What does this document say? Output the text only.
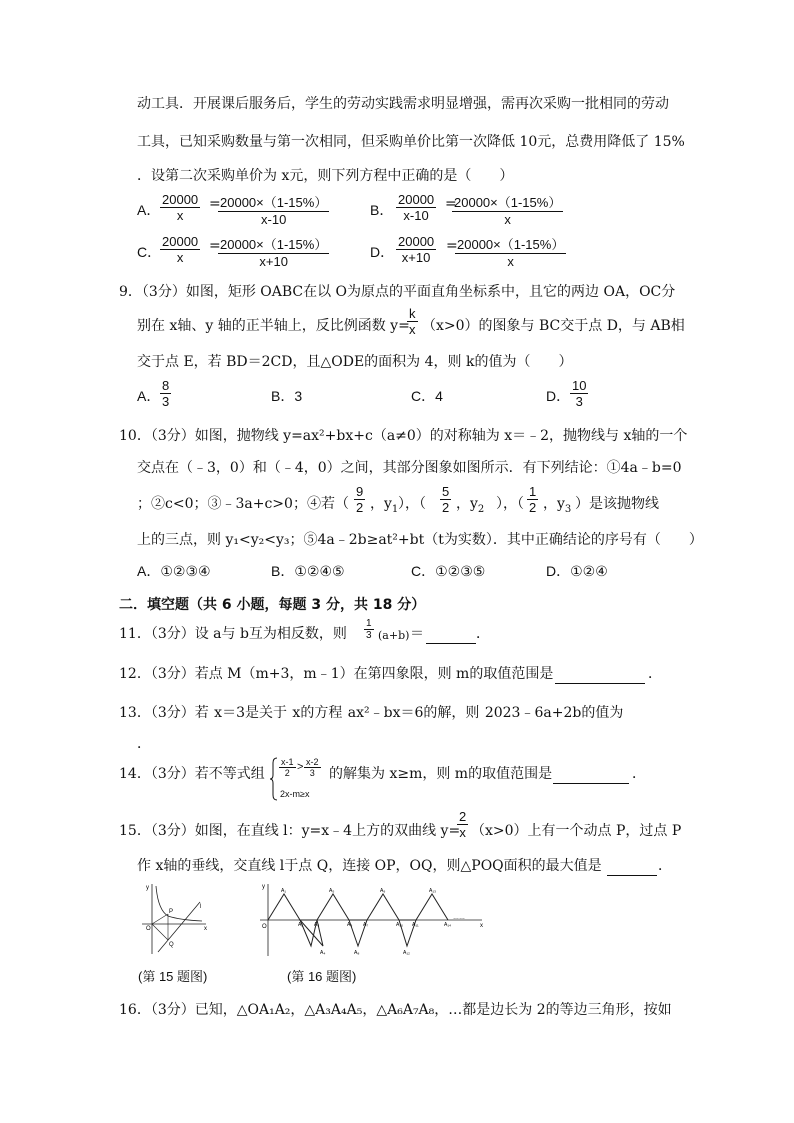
动工具．开展课后服务后，学生的劳动实践需求明显增强，需再次采购一批相同的劳动
工具，已知采购数量与第一次相同，但采购单价比第一次降低 10元，总费用降低了 15%
．设第二次采购单价为 x元，则下列方程中正确的是（　　）
A．
20000
x
= 20000×（1-15%）
x-10
B．
20000
x-10
=
20000×（1-15%）
x
C．
20000
x
= 20000×（1-15%）
x+10
D．
20000
x+10
= 20000×（1-15%）
x
9．（3分）如图，矩形 OABC在以 O为原点的平面直角坐标系中，且它的两边 OA，OC分
别在 x轴、y 轴的正半轴上，反比例函数 y=
k
x （x>0）的图象与 BC交于点 D，与 AB相
交于点 E，若 BD＝2CD，且△ODE的面积为 4，则 k的值为（　　）
A．
8
3	B．3	C．4	D．
10
3
10．（3分）如图，抛物线 y=ax²+bx+c（a≠0）的对称轴为 x＝﹣2，抛物线与 x轴的一个
交点在（﹣3，0）和（﹣4，0）之间，其部分图象如图所示．有下列结论：①4a﹣b=0
；②c<0；③﹣3a+c>0；④若（
9
2 ，$y_1$ ），（
5
2 ，$y_2$ ），（
1
2 ，$y_3$ ）是该抛物线
上的三点，则 y₁<y₂<y₃；⑤4a﹣2b≥at²+bt（t为实数）．其中正确结论的序号有（　　）
A．①②③④	B．①②④⑤	C．①②③⑤	D．①②④
二．填空题（共 6 小题，每题 3 分，共 18 分）
11．（3分）设 a与 b互为相反数，则
1
3 (a+b) ＝	．
12．（3分）若点 M（m+3，m﹣1）在第四象限，则 m的取值范围是	．
13．（3分）若 x＝3是关于 x的方程 ax²﹣bx＝6的解，则 2023﹣6a+2b的值为
．
14．（3分）若不等式组
x-1
2 > x-2
3
2x-m≥x
的解集为 x≥m，则 m的取值范围是	．
15．（3分）如图，在直线 l：y=x﹣4上方的双曲线 y=
2
x （x>0）上有一个动点 P，过点 P
作 x轴的垂线，交直线 l于点 Q，连接 OP，OQ，则△POQ面积的最大值是	．
y
x
O
P
Q
l
y
x
O
……
A₁
A₂ A₃
A₄
A₅
A₆ A₇
A₈
A₉
A₁₀ A₁₁
A₁₂
A₁₃
A₁₄
(第 15 题图)	(第 16 题图)
16．（3分）已知，△OA₁A₂，△A₃A₄A₅，△A₆A₇A₈，…都是边长为 2的等边三角形，按如
